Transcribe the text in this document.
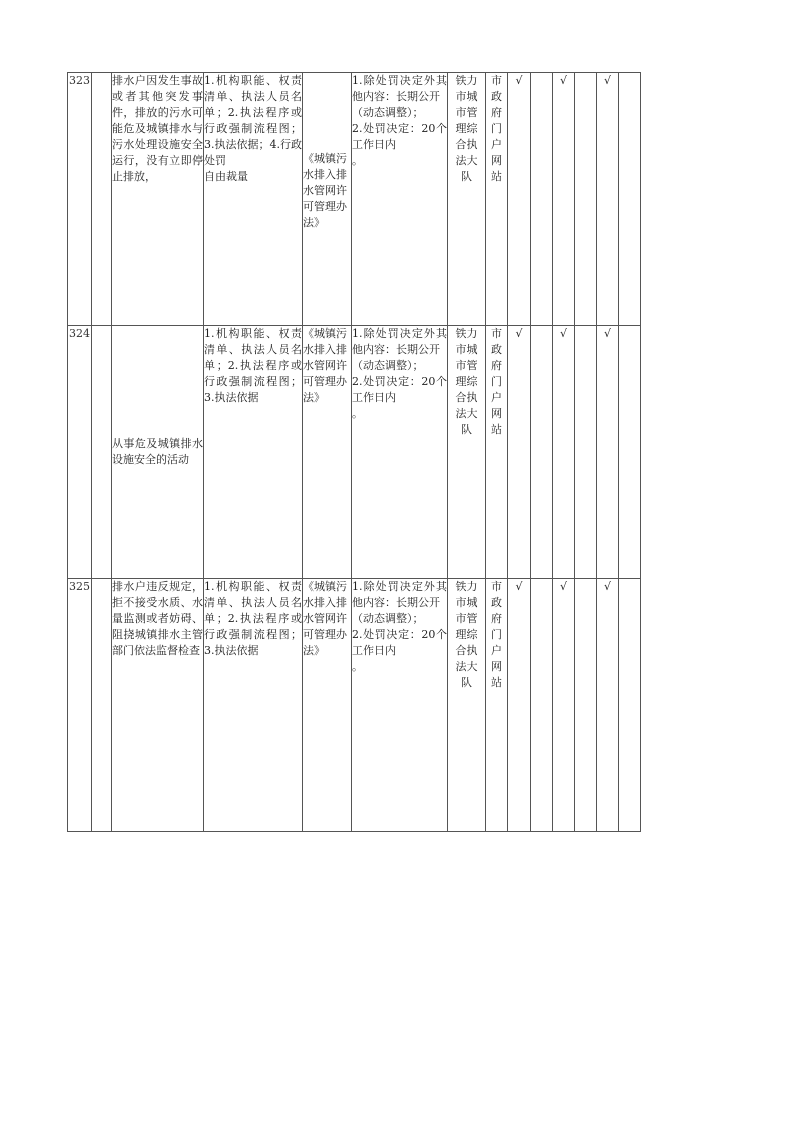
323		排水户因发生事故或者其他突发事件，排放的污水可能危及城镇排水与污水处理设施安全运行，没有立即停止排放，	1.机构职能、权责清单、执法人员名单；2.执法程序或行政强制流程图；3.执法依据；4.行政处罚
自由裁量	《城镇污水排入排水管网许可管理办法》	1.除处罚决定外其他内容：长期公开
（动态调整）；
2.处罚决定：20个工作日内
。	铁力市城市管理综合执法大队	市政府门户网站	√		√		√	
324		从事危及城镇排水设施安全的活动	1.机构职能、权责清单、执法人员名单；2.执法程序或行政强制流程图；3.执法依据	《城镇污水排入排水管网许可管理办法》	1.除处罚决定外其他内容：长期公开
（动态调整）；
2.处罚决定：20个工作日内
。	铁力市城市管理综合执法大队	市政府门户网站	√		√		√	
325		排水户违反规定，拒不接受水质、水量监测或者妨碍、阻挠城镇排水主管部门依法监督检查	1.机构职能、权责清单、执法人员名单；2.执法程序或行政强制流程图；3.执法依据	《城镇污水排入排水管网许可管理办法》	1.除处罚决定外其他内容：长期公开
（动态调整）；
2.处罚决定：20个工作日内
。	铁力市城市管理综合执法大队	市政府门户网站	√		√		√	
